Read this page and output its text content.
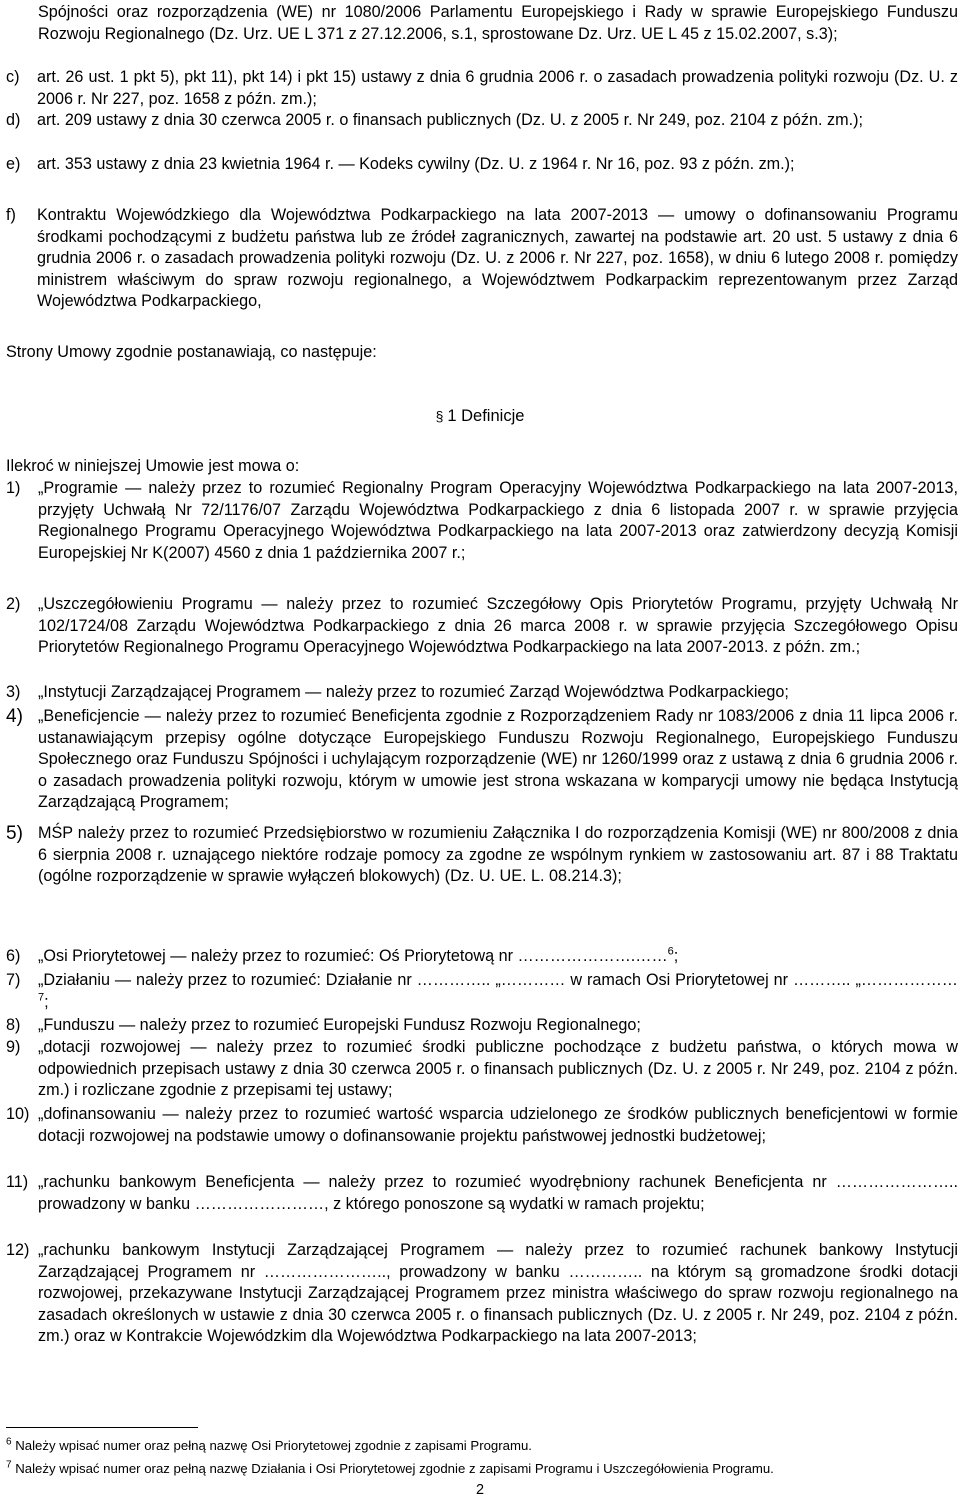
Spójności oraz rozporządzenia (WE) nr 1080/2006 Parlamentu Europejskiego i Rady w sprawie Europejskiego Funduszu Rozwoju Regionalnego (Dz. Urz. UE L 371 z 27.12.2006, s.1, sprostowane Dz. Urz. UE L 45 z 15.02.2007, s.3);
c) art. 26 ust. 1 pkt 5), pkt 11), pkt 14) i pkt 15) ustawy z dnia 6 grudnia 2006 r. o zasadach prowadzenia polityki rozwoju (Dz. U. z 2006 r. Nr 227, poz. 1658 z późn. zm.);
d) art. 209 ustawy z dnia 30 czerwca 2005 r. o finansach publicznych (Dz. U. z 2005 r. Nr 249, poz. 2104 z późn. zm.);
e) art. 353 ustawy z dnia 23 kwietnia 1964 r. ― Kodeks cywilny (Dz. U. z 1964 r. Nr 16, poz. 93 z późn. zm.);
f) Kontraktu Wojewódzkiego dla Województwa Podkarpackiego na lata 2007-2013 ― umowy o dofinansowaniu Programu środkami pochodzącymi z budżetu państwa lub ze źródeł zagranicznych, zawartej na podstawie art. 20 ust. 5 ustawy z dnia 6 grudnia 2006 r. o zasadach prowadzenia polityki rozwoju (Dz. U. z 2006 r. Nr 227, poz. 1658), w dniu 6 lutego 2008 r. pomiędzy ministrem właściwym do spraw rozwoju regionalnego, a Województwem Podkarpackim reprezentowanym przez Zarząd Województwa Podkarpackiego,
Strony Umowy zgodnie postanawiają, co następuje:
§ 1 Definicje
Ilekroć w niniejszej Umowie jest mowa o:
1) „Programie ― należy przez to rozumieć Regionalny Program Operacyjny Województwa Podkarpackiego na lata 2007-2013, przyjęty Uchwałą Nr 72/1176/07 Zarządu Województwa Podkarpackiego z dnia 6 listopada 2007 r. w sprawie przyjęcia Regionalnego Programu Operacyjnego Województwa Podkarpackiego na lata 2007-2013 oraz zatwierdzony decyzją Komisji Europejskiej Nr K(2007) 4560 z dnia 1 października 2007 r.;
2) „Uszczegółowieniu Programu ― należy przez to rozumieć Szczegółowy Opis Priorytetów Programu, przyjęty Uchwałą Nr 102/1724/08 Zarządu Województwa Podkarpackiego z dnia 26 marca 2008 r. w sprawie przyjęcia Szczegółowego Opisu Priorytetów Regionalnego Programu Operacyjnego Województwa Podkarpackiego na lata 2007-2013. z późn. zm.;
3) „Instytucji Zarządzającej Programem ― należy przez to rozumieć Zarząd Województwa Podkarpackiego;
4) „Beneficjencie ― należy przez to rozumieć Beneficjenta zgodnie z Rozporządzeniem Rady nr 1083/2006 z dnia 11 lipca 2006 r. ustanawiającym przepisy ogólne dotyczące Europejskiego Funduszu Rozwoju Regionalnego, Europejskiego Funduszu Społecznego oraz Funduszu Spójności i uchylającym rozporządzenie (WE) nr 1260/1999 oraz z ustawą z dnia 6 grudnia 2006 r. o zasadach prowadzenia polityki rozwoju, którym w umowie jest strona wskazana w komparycji umowy nie będąca Instytucją Zarządzającą Programem;
5) MŚP należy przez to rozumieć Przedsiębiorstwo w rozumieniu Załącznika I do rozporządzenia Komisji (WE) nr 800/2008 z dnia 6 sierpnia 2008 r. uznającego niektóre rodzaje pomocy za zgodne ze wspólnym rynkiem w zastosowaniu art. 87 i 88 Traktatu (ogólne rozporządzenie w sprawie wyłączeń blokowych) (Dz. U. UE. L. 08.214.3);
6) „Osi Priorytetowej ― należy przez to rozumieć: Oś Priorytetową nr ………………….……$^6$;
7) „Działaniu ― należy przez to rozumieć: Działanie nr ………….. „………… w ramach Osi Priorytetowej nr ……….. „………………$^7$;
8) „Funduszu ― należy przez to rozumieć Europejski Fundusz Rozwoju Regionalnego;
9) „dotacji rozwojowej ― należy przez to rozumieć środki publiczne pochodzące z budżetu państwa, o których mowa w odpowiednich przepisach ustawy z dnia 30 czerwca 2005 r. o finansach publicznych (Dz. U. z 2005 r. Nr 249, poz. 2104 z późn. zm.) i rozliczane zgodnie z przepisami tej ustawy;
10) „dofinansowaniu ― należy przez to rozumieć wartość wsparcia udzielonego ze środków publicznych beneficjentowi w formie dotacji rozwojowej na podstawie umowy o dofinansowanie projektu państwowej jednostki budżetowej;
11) „rachunku bankowym Beneficjenta ― należy przez to rozumieć wyodrębniony rachunek Beneficjenta nr ………………….. prowadzony w banku ……………………, z którego ponoszone są wydatki w ramach projektu;
12) „rachunku bankowym Instytucji Zarządzającej Programem ― należy przez to rozumieć rachunek bankowy Instytucji Zarządzającej Programem nr ………………….., prowadzony w banku ………….. na którym są gromadzone środki dotacji rozwojowej, przekazywane Instytucji Zarządzającej Programem przez ministra właściwego do spraw rozwoju regionalnego na zasadach określonych w ustawie z dnia 30 czerwca 2005 r. o finansach publicznych (Dz. U. z 2005 r. Nr 249, poz. 2104 z późn. zm.) oraz w Kontrakcie Wojewódzkim dla Województwa Podkarpackiego na lata 2007-2013;
$^6$ Należy wpisać numer oraz pełną nazwę Osi Priorytetowej zgodnie z zapisami Programu.
$^7$ Należy wpisać numer oraz pełną nazwę Działania i Osi Priorytetowej zgodnie z zapisami Programu i Uszczegółowienia Programu.
2
